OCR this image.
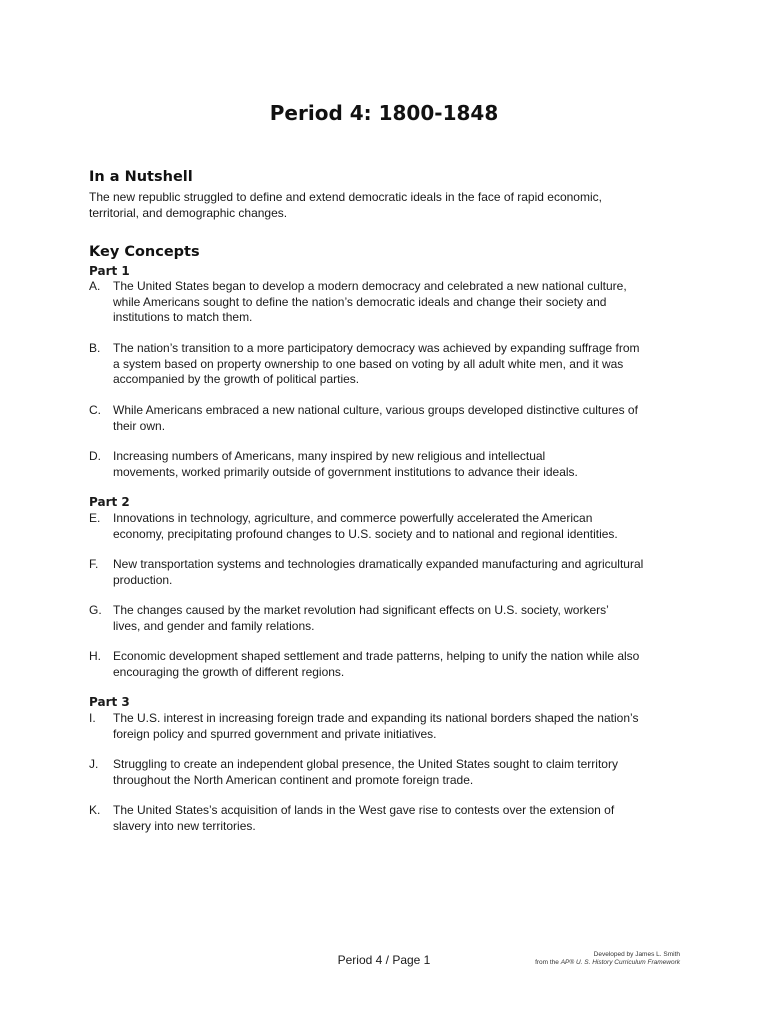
Period 4: 1800-1848
In a Nutshell
The new republic struggled to define and extend democratic ideals in the face of rapid economic,
territorial, and demographic changes.
Key Concepts
Part 1
A.	The United States began to develop a modern democracy and celebrated a new national culture,
while Americans sought to define the nation’s democratic ideals and change their society and
institutions to match them.
B.	The nation’s transition to a more participatory democracy was achieved by expanding suffrage from
a system based on property ownership to one based on voting by all adult white men, and it was
accompanied by the growth of political parties.
C.	While Americans embraced a new national culture, various groups developed distinctive cultures of
their own.
D.	Increasing numbers of Americans, many inspired by new religious and intellectual
movements, worked primarily outside of government institutions to advance their ideals.
Part 2
E.	Innovations in technology, agriculture, and commerce powerfully accelerated the American
economy, precipitating profound changes to U.S. society and to national and regional identities.
F.	New transportation systems and technologies dramatically expanded manufacturing and agricultural
production.
G. The changes caused by the market revolution had significant effects on U.S. society, workers’
lives, and gender and family relations.
H.	Economic development shaped settlement and trade patterns, helping to unify the nation while also
encouraging the growth of different regions.
Part 3
I.	The U.S. interest in increasing foreign trade and expanding its national borders shaped the nation’s
foreign policy and spurred government and private initiatives.
J.	Struggling to create an independent global presence, the United States sought to claim territory
throughout the North American continent and promote foreign trade.
K.	The United States’s acquisition of lands in the West gave rise to contests over the extension of
slavery into new territories.
Period 4 / Page 1	Developed by James L. Smith
from the AP® U. S. History Curriculum Framework
